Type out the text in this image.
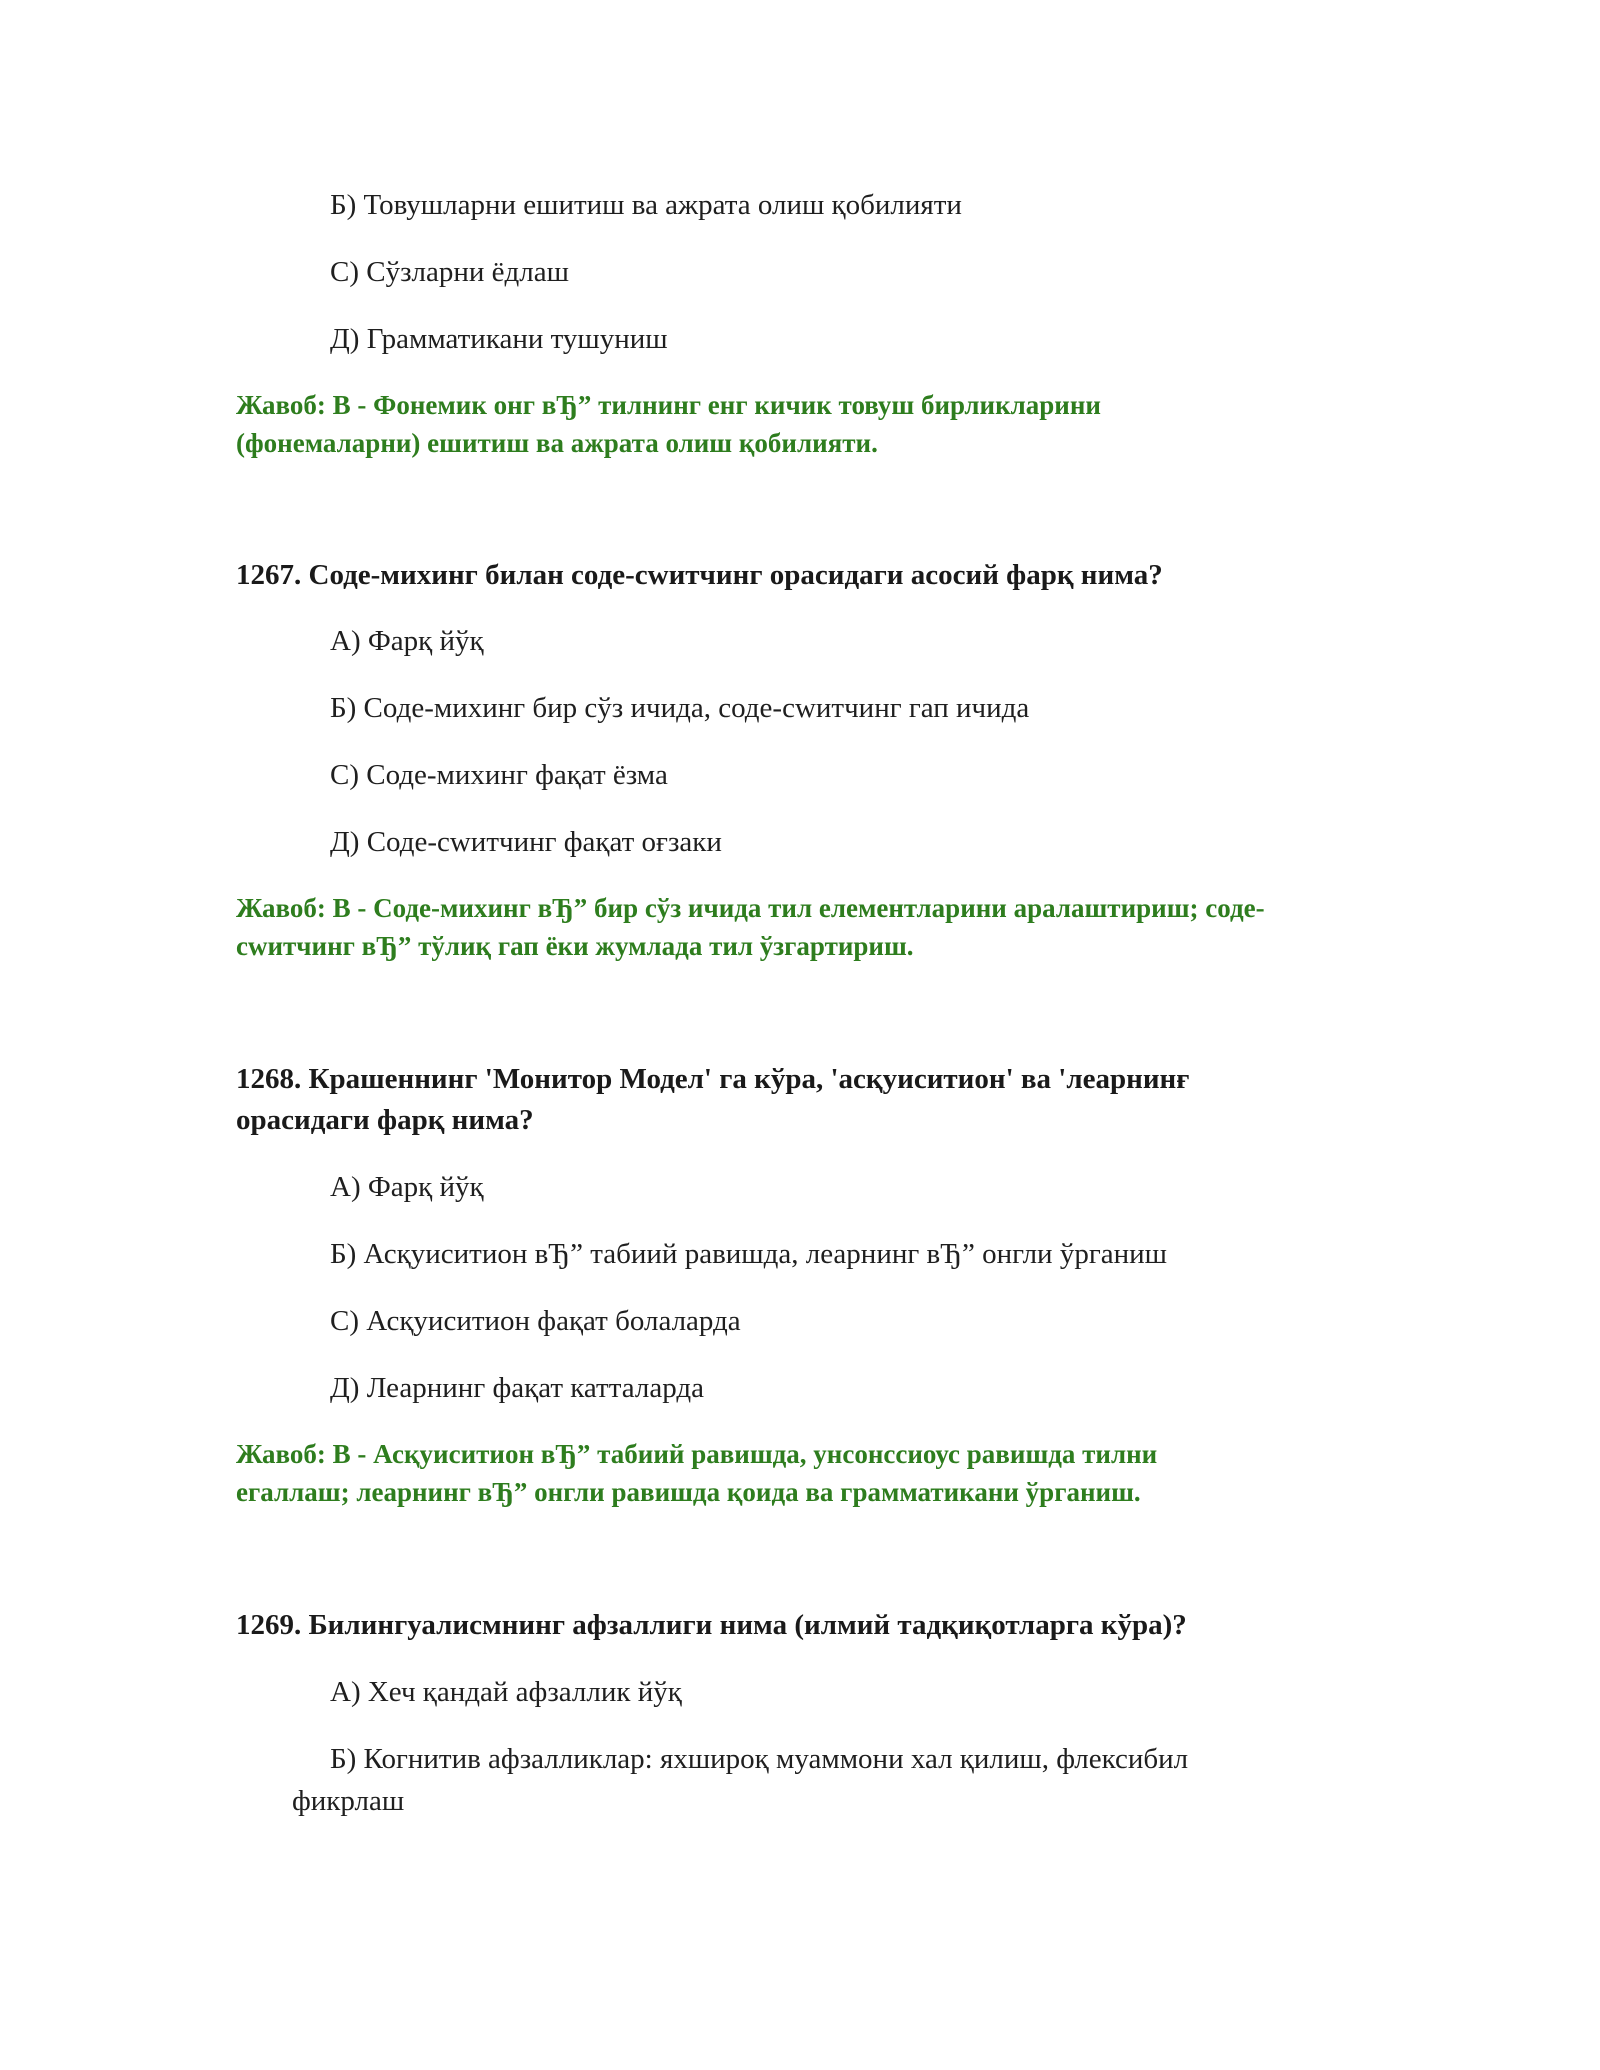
Б) Товушларни ешитиш ва ажрата олиш қобилияти
С) Сўзларни ёдлаш
Д) Грамматикани тушуниш
Жавоб: В - Фонемик онг вЂ” тилнинг енг кичик товуш бирликларини
(фонемаларни) ешитиш ва ажрата олиш қобилияти.
1267. Соде-михинг билан соде-сwитчинг орасидаги асосий фарқ нима?
А) Фарқ йўқ
Б) Соде-михинг бир сўз ичида, соде-сwитчинг гап ичида
С) Соде-михинг фақат ёзма
Д) Соде-сwитчинг фақат оғзаки
Жавоб: В - Соде-михинг вЂ” бир сўз ичида тил елементларини аралаштириш; соде-
сwитчинг вЂ” тўлиқ гап ёки жумлада тил ўзгартириш.
1268. Крашеннинг 'Монитор Модел' га кўра, 'асқуиситион' ва 'леарнинғ
орасидаги фарқ нима?
А) Фарқ йўқ
Б) Асқуиситион вЂ” табиий равишда, леарнинг вЂ” онгли ўрганиш
С) Асқуиситион фақат болаларда
Д) Леарнинг фақат катталарда
Жавоб: В - Асқуиситион вЂ” табиий равишда, унсонссиоус равишда тилни
егаллаш; леарнинг вЂ” онгли равишда қоида ва грамматикани ўрганиш.
1269. Билингуалисмнинг афзаллиги нима (илмий тадқиқотларга кўра)?
А) Хеч қандай афзаллик йўқ
Б) Когнитив афзалликлар: яхшироқ муаммони хал қилиш, флексибил
фикрлаш
